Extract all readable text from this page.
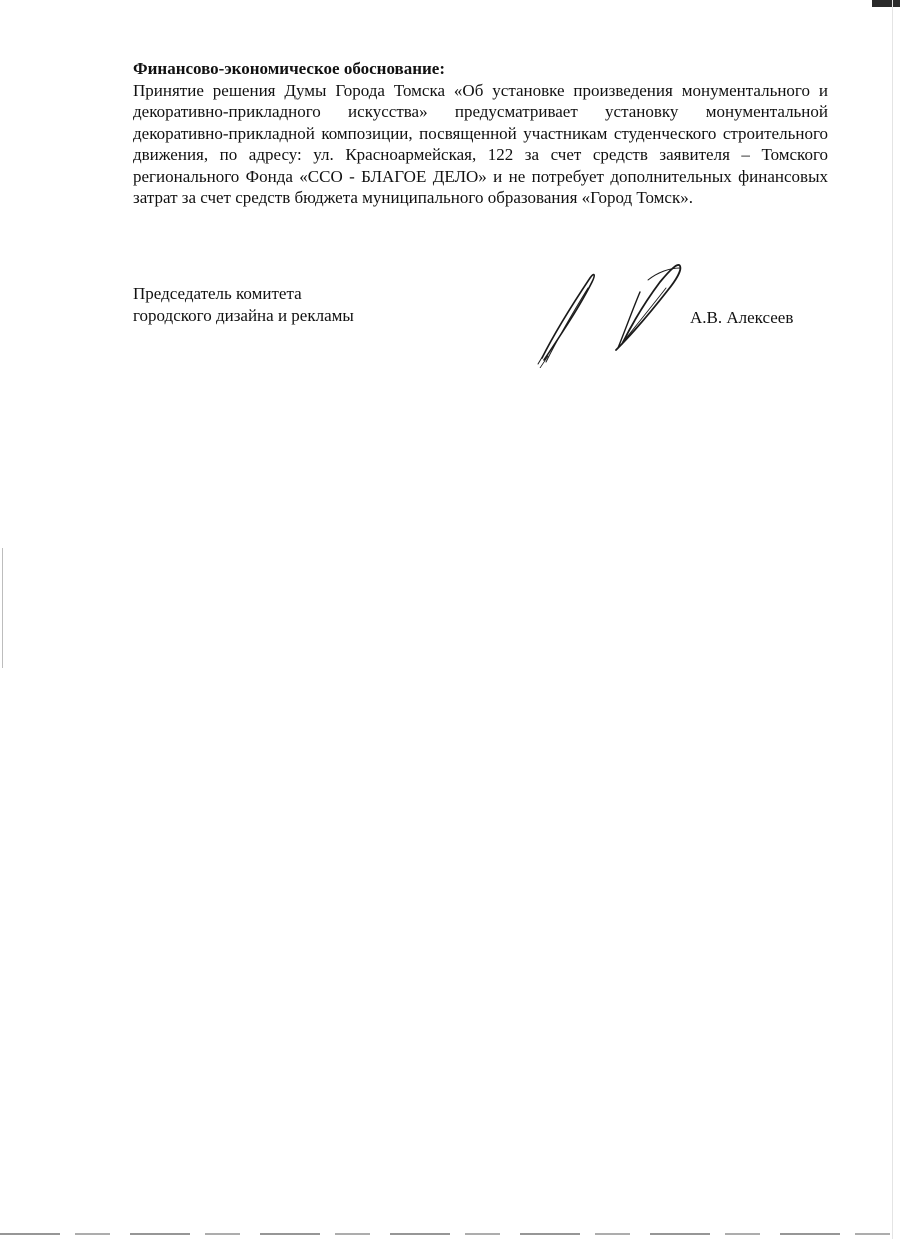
Финансово-экономическое обоснование:

Принятие решения Думы Города Томска «Об установке произведения монументального и декоративно-прикладного искусства» предусматривает установку монументальной декоративно-прикладной композиции, посвященной участникам студенческого строительного движения, по адресу: ул. Красноармейская, 122 за счет средств заявителя – Томского регионального Фонда «ССО - БЛАГОЕ ДЕЛО» и не потребует дополнительных финансовых затрат за счет средств бюджета муниципального образования «Город Томск».

Председатель комитета
городского дизайна и рекламы	А.В. Алексеев
